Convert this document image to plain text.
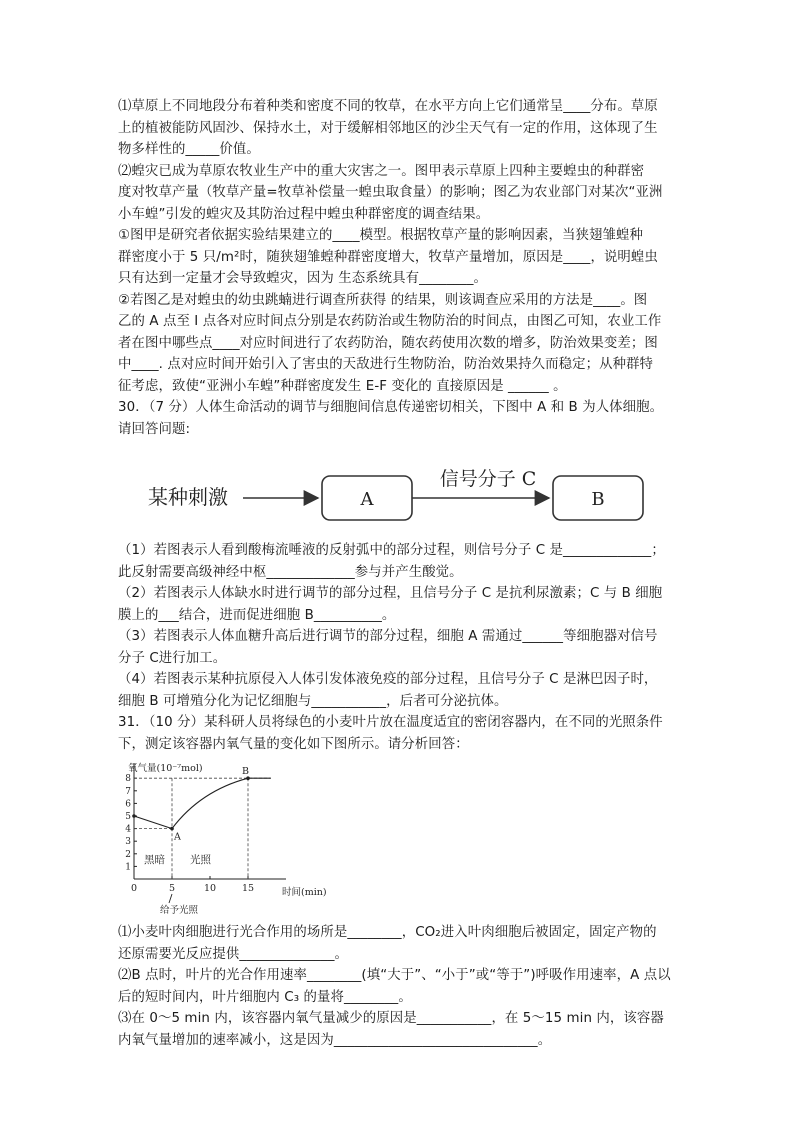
⑴草原上不同地段分布着种类和密度不同的牧草，在水平方向上它们通常呈____分布。草原

上的植被能防风固沙、保持水土，对于缓解相邻地区的沙尘天气有一定的作用，这体现了生

物多样性的_____价值。

⑵蝗灾已成为草原农牧业生产中的重大灾害之一。图甲表示草原上四种主要蝗虫的种群密

度对牧草产量（牧草产量=牧草补偿量一蝗虫取食量）的影响；图乙为农业部门对某次“亚洲

小车蝗”引发的蝗灾及其防治过程中蝗虫种群密度的调查结果。

①图甲是研究者依据实验结果建立的____模型。根据牧草产量的影响因素，当狭翅雏蝗种

群密度小于 5 只/m²时，随狭翅雏蝗种群密度增大，牧草产量增加，原因是____，说明蝗虫

只有达到一定量才会导致蝗灾，因为 生态系统具有________。

②若图乙是对蝗虫的幼虫跳蝻进行调查所获得 的结果，则该调查应采用的方法是____。图

乙的 A 点至 I 点各对应时间点分别是农药防治或生物防治的时间点，由图乙可知，农业工作

者在图中哪些点____对应时间进行了农药防治，随农药使用次数的增多，防治效果变差；图

中____. 点对应时间开始引入了害虫的天敌进行生物防治，防治效果持久而稳定；从种群特

征考虑，致使“亚洲小车蝗”种群密度发生 E-F 变化的 直接原因是 ______ 。

30．（7 分）人体生命活动的调节与细胞间信息传递密切相关，下图中 A 和 B 为人体细胞。

请回答问题:

某种刺激	A
信号分子 C
B

（1）若图表示人看到酸梅流唾液的反射弧中的部分过程，则信号分子 C 是_____________；

此反射需要高级神经中枢_____________参与并产生酸觉。

（2）若图表示人体缺水时进行调节的部分过程，且信号分子 C 是抗利尿激素；C 与 B 细胞

膜上的___结合，进而促进细胞 B__________。

（3）若图表示人体血糖升高后进行调节的部分过程，细胞 A 需通过______等细胞器对信号

分子 C进行加工。

（4）若图表示某种抗原侵入人体引发体液免疫的部分过程，且信号分子 C 是淋巴因子时，

细胞 B 可增殖分化为记忆细胞与___________，后者可分泌抗体。

31．（10 分）某科研人员将绿色的小麦叶片放在温度适宜的密闭容器内，在不同的光照条件

下，测定该容器内氧气量的变化如下图所示。请分析回答：

氧气量(10⁻⁷mol)
时间(min)
黑暗 光照
给予光照
1
2
3
4
5
6
7
8
0	5	10	15
A
B

⑴小麦叶肉细胞进行光合作用的场所是________，CO₂进入叶肉细胞后被固定，固定产物的

还原需要光反应提供______________。

⑵B 点时，叶片的光合作用速率________(填“大于”、“小于”或“等于”)呼吸作用速率，A 点以

后的短时间内，叶片细胞内 C₃ 的量将________。

⑶在 0～5 min 内，该容器内氧气量减少的原因是___________，在 5～15 min 内，该容器

内氧气量增加的速率减小，这是因为______________________________。
